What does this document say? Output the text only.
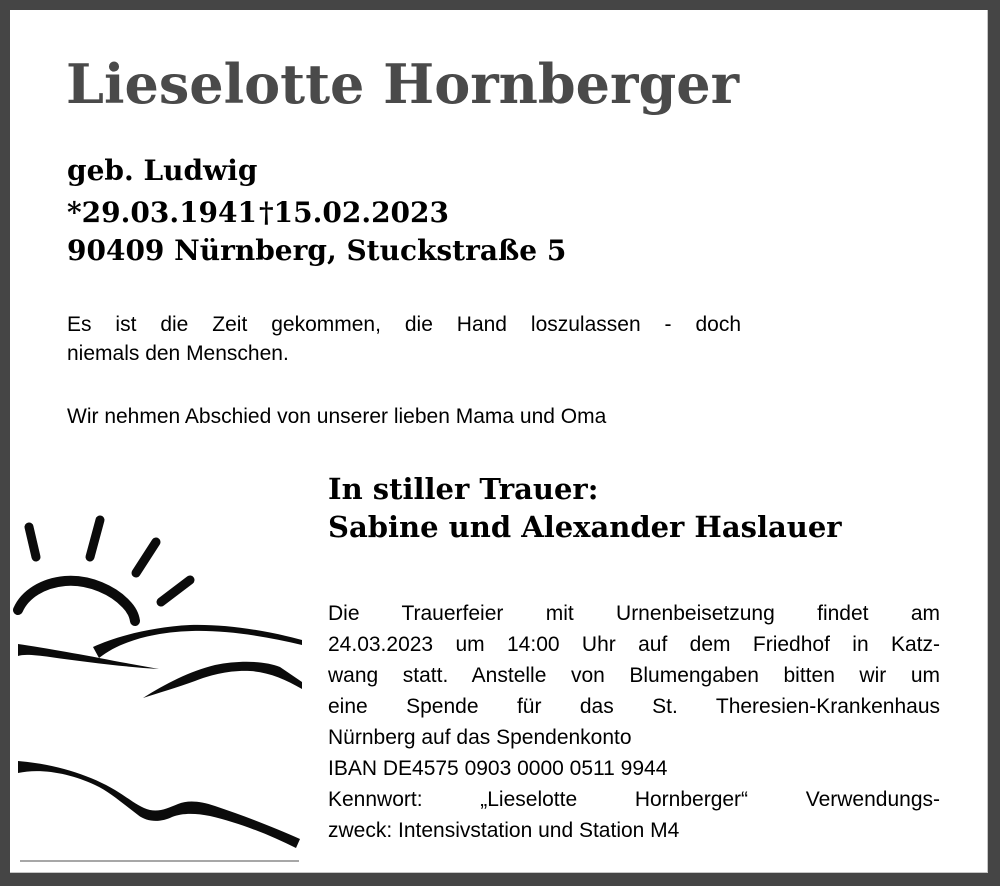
Lieselotte Hornberger
geb. Ludwig
*29.03.1941†15.02.2023
90409 Nürnberg, Stuckstraße 5
Es ist die Zeit gekommen, die Hand loszulassen - doch
niemals den Menschen.
Wir nehmen Abschied von unserer lieben Mama und Oma
In stiller Trauer:
Sabine und Alexander Haslauer
Die Trauerfeier mit Urnenbeisetzung findet am
24.03.2023 um 14:00 Uhr auf dem Friedhof in Katz-
wang statt. Anstelle von Blumengaben bitten wir um
eine Spende für das St. Theresien-Krankenhaus
Nürnberg auf das Spendenkonto
IBAN DE4575 0903 0000 0511 9944
Kennwort: „Lieselotte Hornberger“ Verwendungs-
zweck: Intensivstation und Station M4
